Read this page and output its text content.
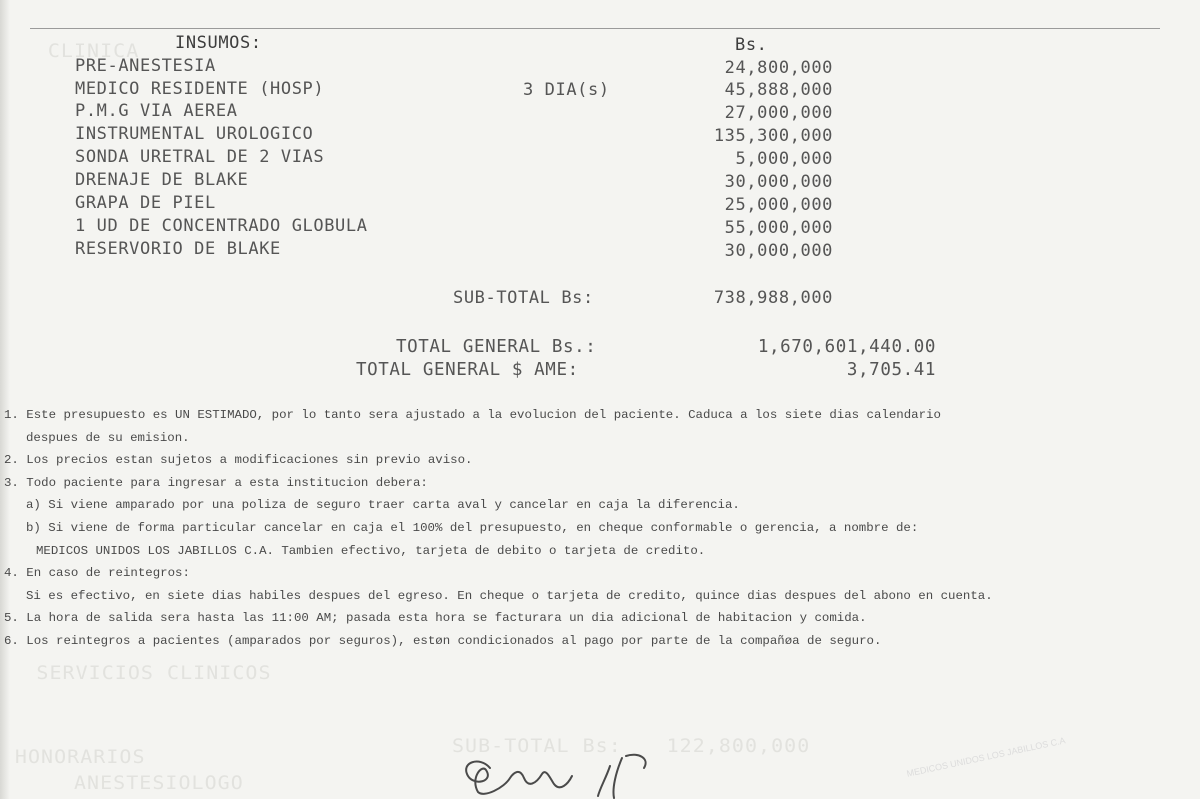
CLINICA
SERVICIOS CLINICOS
HONORARIOS
ANESTESIOLOGO
SUB-TOTAL Bs: 122,800,000
INSUMOS:	Bs.
PRE-ANESTESIA	24,800,000
MEDICO RESIDENTE (HOSP)	3 DIA(s)	45,888,000
P.M.G VIA AEREA	27,000,000
INSTRUMENTAL UROLOGICO	135,300,000
SONDA URETRAL DE 2 VIAS	5,000,000
DRENAJE DE BLAKE	30,000,000
GRAPA DE PIEL	25,000,000
1 UD DE CONCENTRADO GLOBULA	55,000,000
RESERVORIO DE BLAKE	30,000,000
SUB-TOTAL Bs:	738,988,000
TOTAL GENERAL Bs.:	1,670,601,440.00
TOTAL GENERAL $ AME:	3,705.41
1. Este presupuesto es UN ESTIMADO, por lo tanto sera ajustado a la evolucion del paciente. Caduca a los siete dias calendario
despues de su emision.
2. Los precios estan sujetos a modificaciones sin previo aviso.
3. Todo paciente para ingresar a esta institucion debera:
a) Si viene amparado por una poliza de seguro traer carta aval y cancelar en caja la diferencia.
b) Si viene de forma particular cancelar en caja el 100% del presupuesto, en cheque conformable o gerencia, a nombre de:
MEDICOS UNIDOS LOS JABILLOS C.A. Tambien efectivo, tarjeta de debito o tarjeta de credito.
4. En caso de reintegros:
Si es efectivo, en siete dias habiles despues del egreso. En cheque o tarjeta de credito, quince dias despues del abono en cuenta.
5. La hora de salida sera hasta las 11:00 AM; pasada esta hora se facturara un dia adicional de habitacion y comida.
6. Los reintegros a pacientes (amparados por seguros), estøn condicionados al pago por parte de la compañøa de seguro.
MEDICOS UNIDOS LOS JABILLOS C.A
